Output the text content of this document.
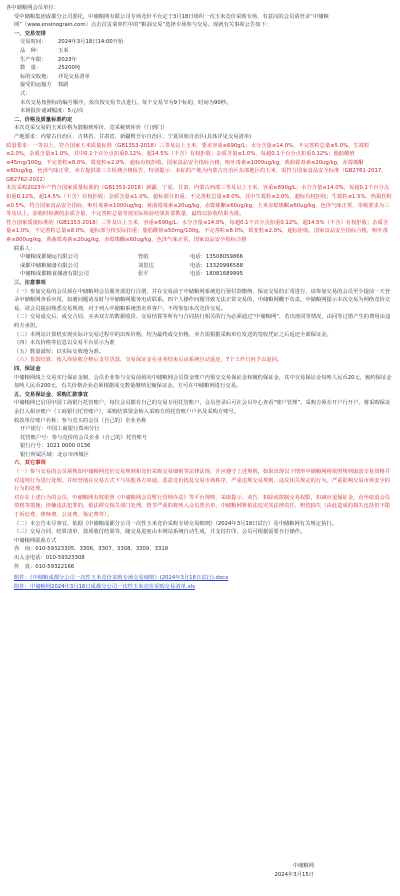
各中储粮网会员单位：

受中储粮集团成都分公司委托，中储粮网有限公司专场竞价平台定于3月18日组织一次玉米竞价采购专场，有意向的会员请登录“中储粮网”（www.ensinograin.com）点击首页菜单栏中的“粮油交易”选择专场参与交易。现就有关事项公告如下：

一、交易安排

交易时间：	2024年3月18日14:00开始
品　种：	玉米
生产年限：	2023年
数　量：	25200吨
标的交收地：	详见交易清单
接受的运输方式：
铁路

本次交易按照标的编号顺序，依次按交易节点进行。每个交易节为9个标的，时间为90秒。

本场报价递减幅度：5元/次

二、价格及质量标准约定

本次竞采交易的玉米价格为散粮到库价，竞采税到库价（门到门）

产地要求：内蒙古自治区、吉林省、甘肃省、新疆维吾尔自治区、宁夏回族自治区(具体详见交易清单)

质量要求：一等以上，符合国家玉米质量标准（GB1353-2018）三等及以上玉米，要求容重≥690g/L；水分含量≤14.0%，不完善粒总量≤5.0%，生霉粒≤2.0%，杂质含量≤1.0%，其中0.1个百分点扣重0.12%，超14.5%（不含）有权拒收；杂质含量≤1.0%，每超0.1个百分点扣重0.12%；脂肪酸值≤45mg/100g，不完善粒≤8.0%，霉变粒≤2.0%，超标有权拒收。国家食品安全指标合格，呕吐毒素≤1000ug/kg，黄曲霉毒素≤20ug/kg，赤霉烯酮≤60ug/kg，色泽气味正常，卖方提供第三方检测合格报告，特别提示：本标的产地为内蒙古自治区东部地区的玉米，需符合国家食品安全标准（GB2761-2017，GB2762-2022）

本次采购2023年产符合国家质量标准的（GB1353-2018）新疆、宁夏、甘肃、内蒙古西部三等及以上玉米，容重≥690g/L；水分含量≤14.0%，每超0.1个百分点扣重0.12%，超14.5%（不含）有权拒收；杂质含量≤1.0%，超标部分扣重；不完善粒总量≤8.0%，其中生霉粒≤2.0%，超标有权拒收；生霉粒≤1.5%，热损伤粒≤0.5%，符合国家食品安全指标，呕吐毒素≤1000ug/kg，黄曲霉毒素≤20ug/kg，赤霉烯酮≤60ug/kg，玉米赤霉烯酮≤60ug/kg，色泽气味正常，等级要求为三等及以上。验收时检测的杂质含量、不完善粒总量等按实际检验结果折算数量，最终以验收结果为准。

符合国家质量标准的（GB1353-2018）三等及以上玉米，容重≥690g/L；水分含量≤14.0%，每超0.1个百分点扣重0.12%，超14.5%（不含）有权拒收；杂质含量≤1.0%，不完善粒总量≤8.0%，超标部分按实际扣重；脂肪酸值≤50mg/100g，不完善粒≤8.0%，霉变粒≤2.0%，超标拒收。国家食品安全指标合格，呕吐毒素≤800ug/kg，黄曲霉毒素≤20ug/kg，赤霉烯酮≤60ug/kg，色泽气味正常，国家食品安全指标合格

联系人：

中储粮成都储运有限公司	曾彪	电话：13508059866
成都中储粮储备有限公司	刘思达	电话：13320996588
中储粮成都粮食储备有限公司	张平	电话：18081689995

三、注意事项

（一）参加交易的会员须在中储粮网会员服务部进行注册，并在交易前于中储粮网系统进行预付款缴纳，保证交易的正常进行，请参加交易的会员至少提前一天登录中储粮网查看应用，如遇问题请及时与中储粮网服务电话联系。四个人操作问题导致无法正常交易的，中储粮网概不负责。中储粮网提示本次交易为网络竞价交易，请会员提前熟悉交易规则，对于列入中储粮系统黑名单客户，不得参加本次竞价交易。

（二）交易成交后，成交合同、买卖双方的数据收货、交易结算等所有与合同执行相关的行为必须通过“中储粮网”，若出现同等情况，由同等过错产生的费用由违约方承担。

（三）本网站计算机实现实际计交易过程中的出库价格，均为最终成交价格，卖方需根据采购单位发送的签收凭证之后返还全部保证金。

（四）本次价格等信息以交易平台显示为准

（五）数量溢短：以实际交收地为准。

（六）货款结算：按入库验收合格后支付货款，交易保证金在业务结束后由系统自动返还，7个工作日内予以退回。

四、保证金

中储粮网线上交易实行保证金制，会员企业参与交易前须向中储粮网会员资金账户内预交交易保证金和履约保证金，其中交易保证金每吨人民币20元，履约保证金每吨人民币200元，有关价格企业必须根据成交数量缴纳足额保证金。方可在中储粮网进行交易。

五、交易保证金、采购汇款事宜

中储粮网已启用中国工商银行托管账户，每位会员都有自己的交易专用托管账户，会员登录后可在会员中心查看“账户管理”。采购方须在开户行开户，将采购保证金打入相应账户（工商银行托管账户），采购结算资金转入采购方的托管账户户名及采购方账号。

收款单位账户名称：参与竞买的会员（自己的）企业名称

开户银行： 中国工商银行郑州分行
托管账户号： 参与竞价的会员企业（自己的）托管账号
银行行号： 1021 0000 0136
银行所属区域： 北京市西城区

六、其它事项

（一）参与交易的会员须熟知中储粮网竞价交易规则和竞价采购交易细则等法律法规，并应遵守上述规则。如果出现以下情形中储粮网将依照规则取消交易资格并对违规行为进行处理。并经营地在交易方式下与其他各方串通、恶意竞价扰乱交易市场秩序，严重违规交易规则，违反相关规定的行为，严重影响交易市场安全的行为的处理。

对存在上述行为的会员，中储粮网有权依照《中储粮网会员暂行管理办法》等平台规则，采取提示、劝告、扣除或限制交易权限，扣减应退保证金，直至取消会员资格等措施；涉嫌违法犯罪的，依法移交相关部门处理。情节严重的将列入会员黑名单，中储粮网将依法追究其法律责任，赔偿损失（由此造成的损失包括但不限于诉讼费、律师费、公证费、鉴定费等）。

（二）本公告未尽事宜，依据《中储粮成都分公司一次性玉米竞价采购专场交易细则》（2024年3月18日试行）及中储粮网有关规定执行。

（三）交易合同、结算清单、款项收付结果等，随交易进度由本网站系统自动生成，并支持打印，会员可根据需要自行操作。

中储粮网联系方式

咨　询： 010-59323305、3306、3307、3308、3309、3318
出入金电话： 010-59323308
传　真： 010-59322166

附件：《中储粮成都分公司一次性玉米竞价采购专场交易细则》(2024年3月18日试行).docx

附件：中储粮网2024年3月18日成都分公司一次性玉米竞价采购交易清单.xls

中储粮网
2024年3月15日
